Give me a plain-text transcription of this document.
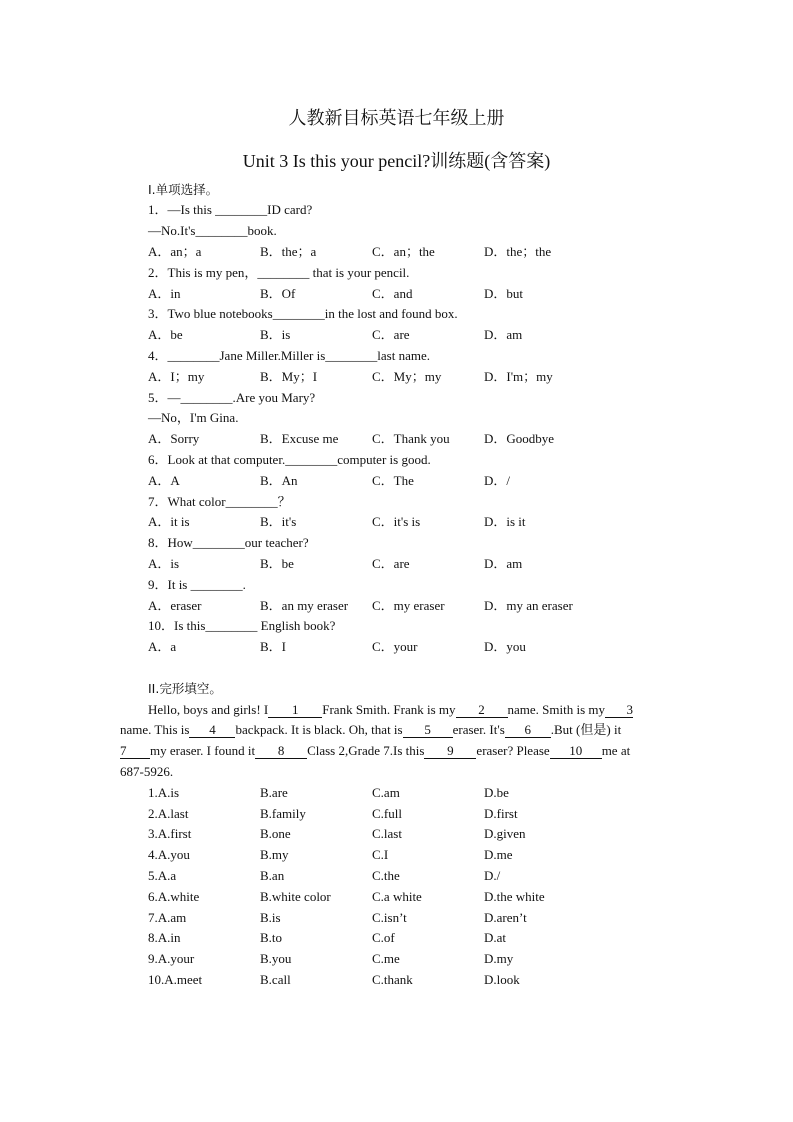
人教新目标英语七年级上册
Unit 3 Is this your pencil?训练题(含答案)
I.单项选择。
1．—Is this ________ID card?
—No.It's________book.
A．an；a	B．the；a	C．an；the	D．the；the
2．This is my pen，________ that is your pencil.
A．in	B．Of	C．and	D．but
3．Two blue notebooks________in the lost and found box.
A．be	B．is	C．are	D．am
4．________Jane Miller.Miller is________last name.
A．I；my	B．My；I	C．My；my	D．I'm；my
5．—________.Are you Mary?
—No，I'm Gina.
A．Sorry	B．Excuse me	C．Thank you	D．Goodbye
6．Look at that computer.________computer is good.
A．A	B．An	C．The	D．/
7．What color________？
A．it is	B．it's	C．it's is	D．is it
8．How________our teacher?
A．is	B．be	C．are	D．am
9．It is ________.
A．eraser	B．an my eraser C．my eraser	D．my an eraser
10．Is this________ English book?
A．a	B．I	C．your	D．you
II.完形填空。
Hello, boys and girls! I 1 Frank Smith. Frank is my 2 name. Smith is my 3
name. This is 4 backpack. It is black. Oh, that is 5 eraser. It's 6 .But (但是) it
7 my eraser. I found it 8 Class 2,Grade 7.Is this 9 eraser? Please 10 me at
687-5926.
1.A.is	B.are	C.am	D.be
2.A.last	B.family	C.full	D.first
3.A.first	B.one	C.last	D.given
4.A.you	B.my	C.I	D.me
5.A.a	B.an	C.the	D./
6.A.white	B.white color	C.a white	D.the white
7.A.am	B.is	C.isn’t	D.aren’t
8.A.in	B.to	C.of	D.at
9.A.your	B.you	C.me	D.my
10.A.meet	B.call	C.thank	D.look
